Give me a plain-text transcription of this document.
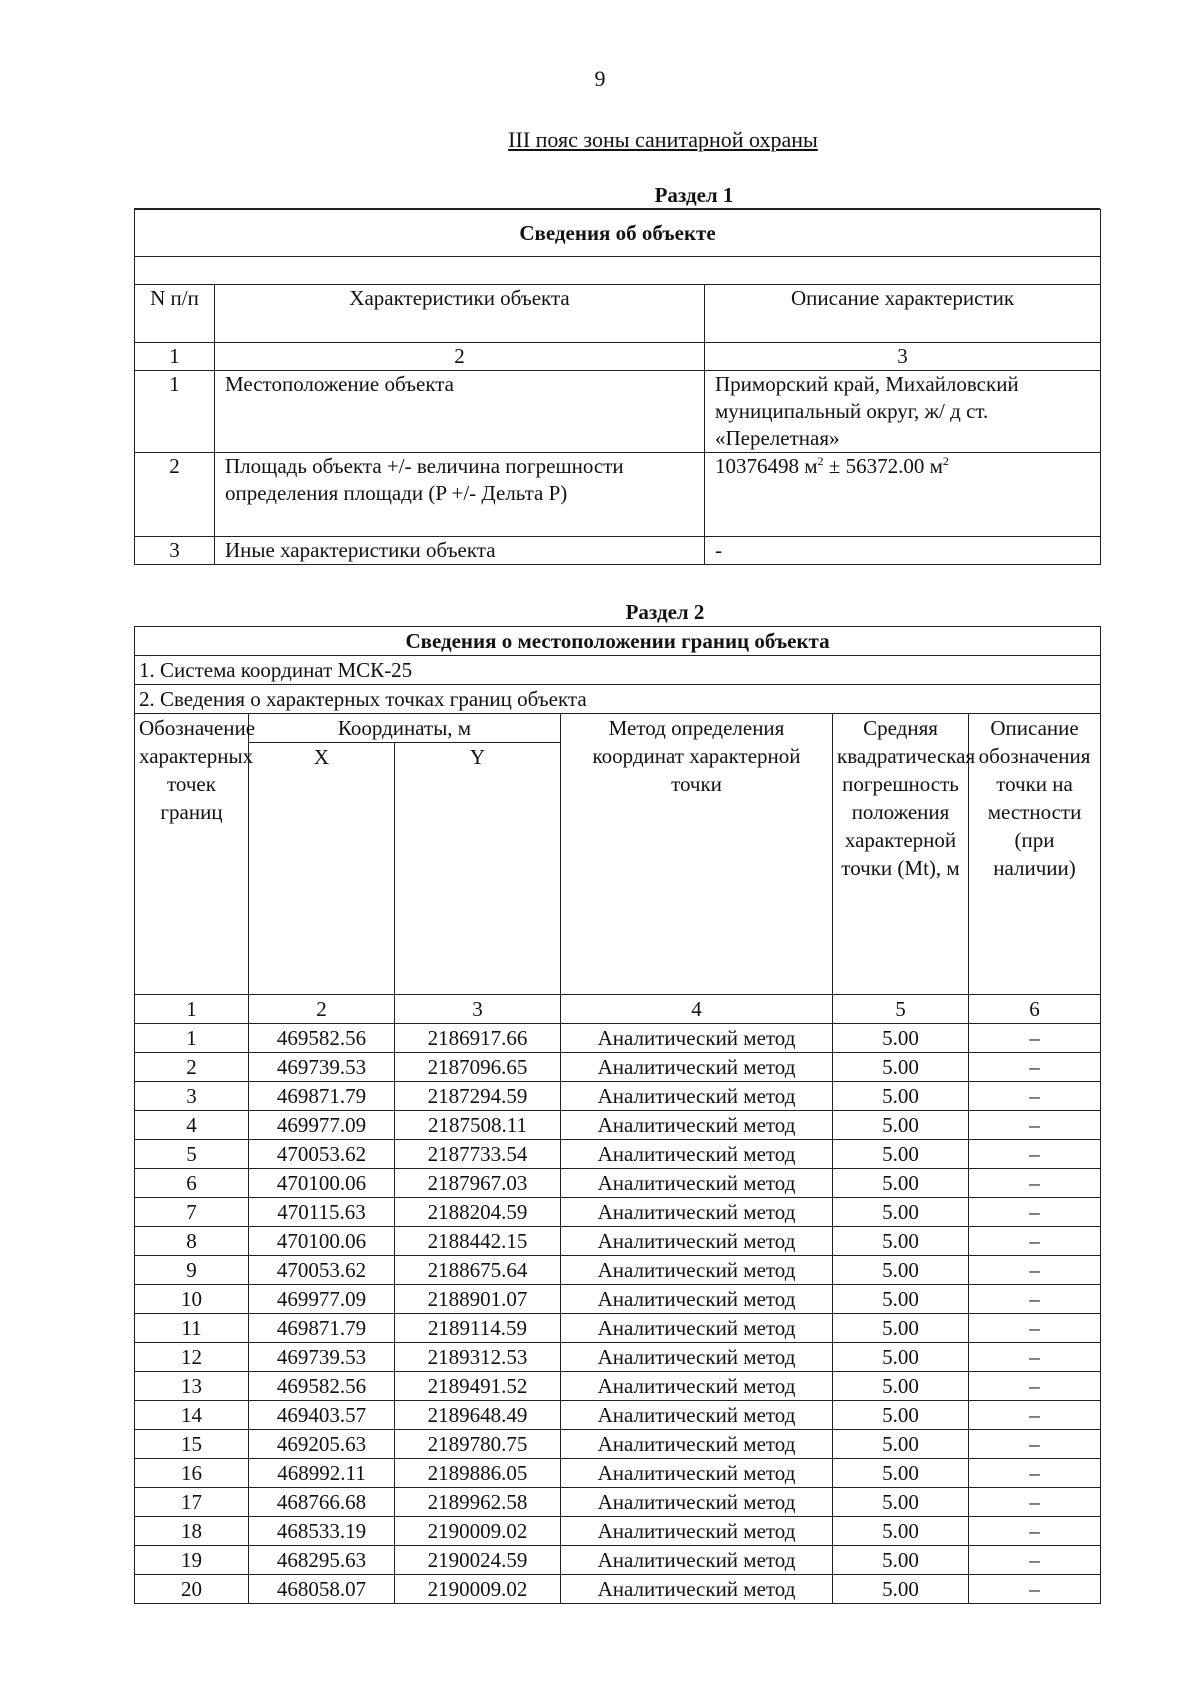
9
III пояс зоны санитарной охраны
Раздел 1
Сведения об объекте		

N п/п	Характеристики объекта	Описание характеристик
1	2	3
1	Местоположение объекта	Приморский край, Михайловский муниципальный округ, ж/ д ст. «Перелетная»
2	Площадь объекта +/- величина погрешности определения площади (P +/- Дельта P)	10376498 $м^2 \pm 56372.00$ $м^2$
3	Иные характеристики объекта	-
Раздел 2
Сведения о местоположении границ объекта					
1. Система координат МСК-25					
2. Сведения о характерных точках границ объекта					
Обозначение характерных точек границ	Координаты, м		Метод определения координат характерной точки	Средняя квадратическая погрешность положения характерной точки (Mt), м	Описание обозначения точки на местности (при наличии)
	X	Y			
1	2	3	4	5	6
1	469582.56	2186917.66	Аналитический метод	5.00	–
2	469739.53	2187096.65	Аналитический метод	5.00	–
3	469871.79	2187294.59	Аналитический метод	5.00	–
4	469977.09	2187508.11	Аналитический метод	5.00	–
5	470053.62	2187733.54	Аналитический метод	5.00	–
6	470100.06	2187967.03	Аналитический метод	5.00	–
7	470115.63	2188204.59	Аналитический метод	5.00	–
8	470100.06	2188442.15	Аналитический метод	5.00	–
9	470053.62	2188675.64	Аналитический метод	5.00	–
10	469977.09	2188901.07	Аналитический метод	5.00	–
11	469871.79	2189114.59	Аналитический метод	5.00	–
12	469739.53	2189312.53	Аналитический метод	5.00	–
13	469582.56	2189491.52	Аналитический метод	5.00	–
14	469403.57	2189648.49	Аналитический метод	5.00	–
15	469205.63	2189780.75	Аналитический метод	5.00	–
16	468992.11	2189886.05	Аналитический метод	5.00	–
17	468766.68	2189962.58	Аналитический метод	5.00	–
18	468533.19	2190009.02	Аналитический метод	5.00	–
19	468295.63	2190024.59	Аналитический метод	5.00	–
20	468058.07	2190009.02	Аналитический метод	5.00	–
